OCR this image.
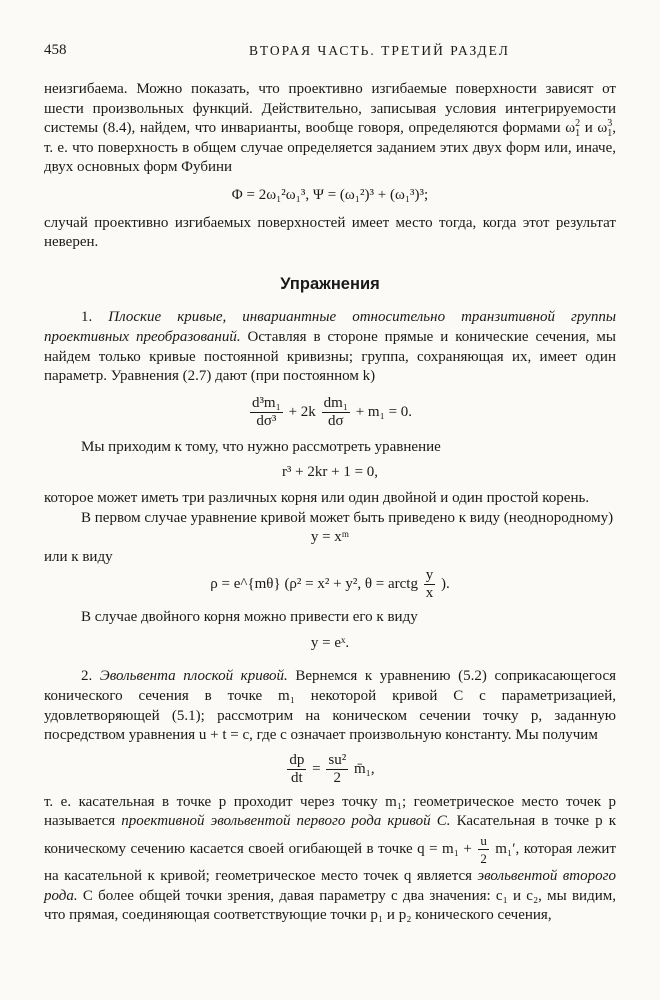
458	ВТОРАЯ ЧАСТЬ. ТРЕТИЙ РАЗДЕЛ

неизгибаема. Можно показать, что проективно изгибаемые поверхности зависят от шести произвольных функций. Действительно, записывая условия интегрируемости системы (8.4), найдем, что инварианты, вообще говоря, определяются формами $\omega_1^2$ и $\omega_1^3$, т. е. что поверхность в общем случае определяется заданием этих двух форм или, иначе, двух основных форм Фубини

Φ = 2ω₁²ω₁³, Ψ = (ω₁²)³ + (ω₁³)³;

случай проективно изгибаемых поверхностей имеет место тогда, когда этот результат неверен.

Упражнения

1. Плоские кривые, инвариантные относительно транзитивной группы проективных преобразований. Оставляя в стороне прямые и конические сечения, мы найдем только кривые постоянной кривизны; группа, сохраняющая их, имеет один параметр. Уравнения (2.7) дают (при постоянном k)

$\frac{\text{d³m₁}}{\text{dσ³}} + 2k \frac{\text{dm₁}}{d\sigma} + m_1 = 0$.

Мы приходим к тому, что нужно рассмотреть уравнение

r³ + 2kr + 1 = 0,

которое может иметь три различных корня или один двойной и один простой корень.

В первом случае уравнение кривой может быть приведено к виду (неоднородному)

y = xᵐ

или к виду

ρ = e^{mθ} (ρ² = x² + y², θ = arctg $\frac{y}{x}$ ).

В случае двойного корня можно привести его к виду

y = eˣ.

2. Эвольвента плоской кривой. Вернемся к уравнению (5.2) соприкасающегося конического сечения в точке m₁ некоторой кривой C с параметризацией, удовлетворяющей (5.1); рассмотрим на коническом сечении точку p, заданную посредством уравнения u + t = c, где c означает произвольную константу. Мы получим

$\frac{dp}{dt} = \frac{\text{su²}}{2}$ m̄₁,

т. е. касательная в точке p проходит через точку m₁; геометрическое место точек p называется проективной эвольвентой первого рода кривой C. Касательная в точке p к коническому сечению касается своей огибающей в точке $q = m_1 + \frac{u}{2} m_1'$, которая лежит на касательной к кривой; геометрическое место точек q является эвольвентой второго рода. С более общей точки зрения, давая параметру c два значения: c₁ и c₂, мы видим, что прямая, соединяющая соответствующие точки p₁ и p₂ конического сечения,
